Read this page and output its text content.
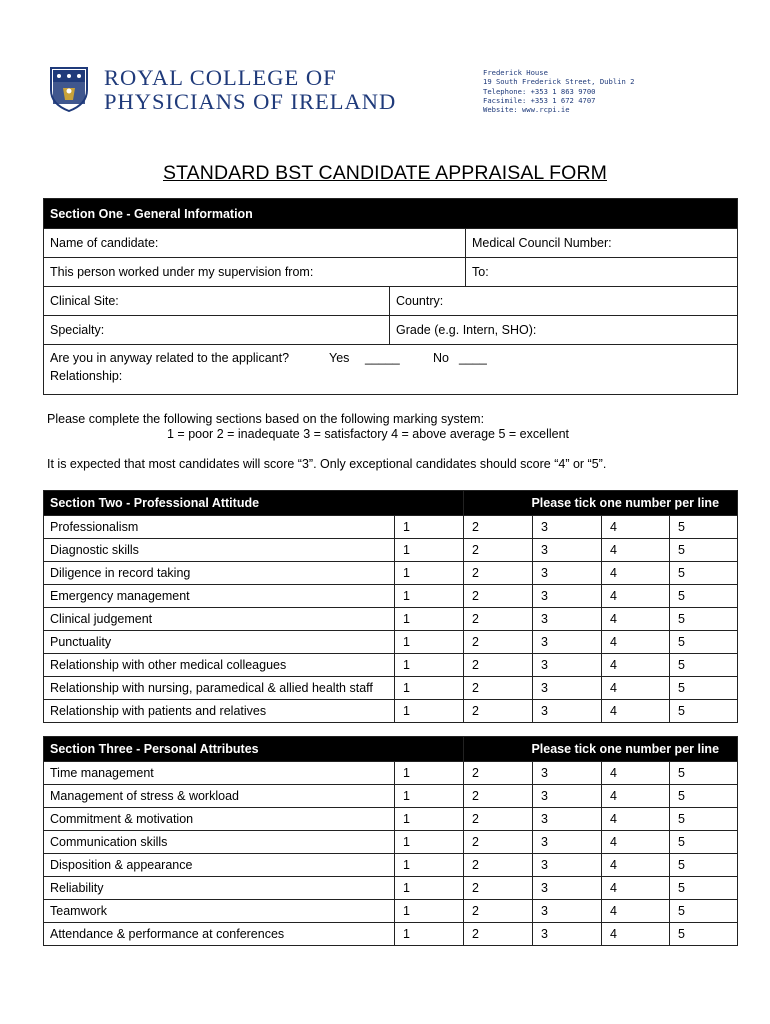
ROYAL COLLEGE OF
PHYSICIANS OF IRELAND
Frederick House
19 South Frederick Street, Dublin 2
Telephone: +353 1 863 9700
Facsimile: +353 1 672 4707
Website: www.rcpi.ie
STANDARD BST CANDIDATE APPRAISAL FORM
Section One - General Information		
Name of candidate:		Medical Council Number:
This person worked under my supervision from:		To:
Clinical Site:	Country:	
Specialty:	Grade (e.g. Intern, SHO):	
Are you in anyway related to the applicant? Yes _____ No ____		
Relationship:		
Please complete the following sections based on the following marking system:
1 = poor 2 = inadequate 3 = satisfactory 4 = above average 5 = excellent
It is expected that most candidates will score “3”. Only exceptional candidates should score “4” or “5”.
Section Two - Professional Attitude		Please tick one number per line			
Professionalism	1	2	3	4	5
Diagnostic skills	1	2	3	4	5
Diligence in record taking	1	2	3	4	5
Emergency management	1	2	3	4	5
Clinical judgement	1	2	3	4	5
Punctuality	1	2	3	4	5
Relationship with other medical colleagues	1	2	3	4	5
Relationship with nursing, paramedical & allied health staff	1	2	3	4	5
Relationship with patients and relatives	1	2	3	4	5
Section Three - Personal Attributes		Please tick one number per line			
Time management	1	2	3	4	5
Management of stress & workload	1	2	3	4	5
Commitment & motivation	1	2	3	4	5
Communication skills	1	2	3	4	5
Disposition & appearance	1	2	3	4	5
Reliability	1	2	3	4	5
Teamwork	1	2	3	4	5
Attendance & performance at conferences	1	2	3	4	5
